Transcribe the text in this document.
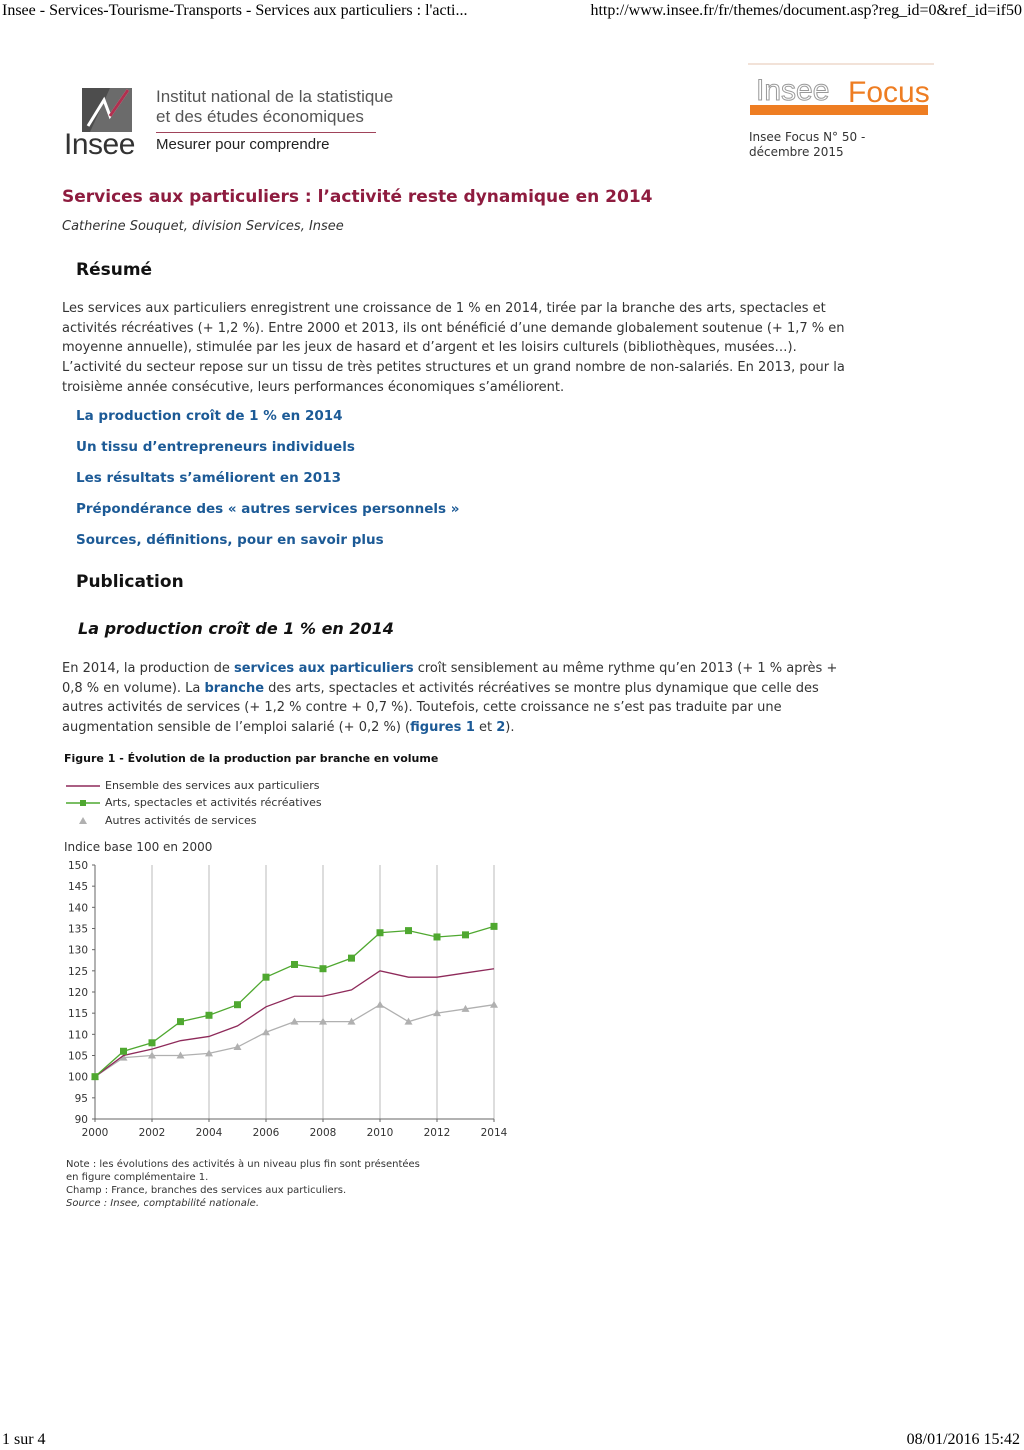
Insee - Services-Tourisme-Transports - Services aux particuliers : l'acti...	http://www.insee.fr/fr/themes/document.asp?reg_id=0&ref_id=if50
Insee
Institut national de la statistique
et des études économiques
Mesurer pour comprendre
Insee Focus
Insee Focus N° 50 -
décembre 2015
Services aux particuliers : l’activité reste dynamique en 2014
Catherine Souquet, division Services, Insee
Résumé
Les services aux particuliers enregistrent une croissance de 1 % en 2014, tirée par la branche des arts, spectacles et activités récréatives (+ 1,2 %). Entre 2000 et 2013, ils ont bénéficié d’une demande globalement soutenue (+ 1,7 % en moyenne annuelle), stimulée par les jeux de hasard et d’argent et les loisirs culturels (bibliothèques, musées…). L’activité du secteur repose sur un tissu de très petites structures et un grand nombre de non-salariés. En 2013, pour la troisième année consécutive, leurs performances économiques s’améliorent.
La production croît de 1 % en 2014
Un tissu d’entrepreneurs individuels
Les résultats s’améliorent en 2013
Prépondérance des « autres services personnels »
Sources, définitions, pour en savoir plus
Publication
La production croît de 1 % en 2014
En 2014, la production de services aux particuliers croît sensiblement au même rythme qu’en 2013 (+ 1 % après + 0,8 % en volume). La branche des arts, spectacles et activités récréatives se montre plus dynamique que celle des autres activités de services (+ 1,2 % contre + 0,7 %). Toutefois, cette croissance ne s’est pas traduite par une augmentation sensible de l’emploi salarié (+ 0,2 %) (figures 1 et 2).
Figure 1 - Évolution de la production par branche en volume
Ensemble des services aux particuliers
Arts, spectacles et activités récréatives
Autres activités de services
Indice base 100 en 2000
90
95
100
105
110
115
120
125
130
135
140
145
150
2000	2002	2004	2006	2008	2010	2012	2014
Note : les évolutions des activités à un niveau plus fin sont présentées
en figure complémentaire 1.
Champ : France, branches des services aux particuliers.
Source : Insee, comptabilité nationale.
1 sur 4	08/01/2016 15:42
